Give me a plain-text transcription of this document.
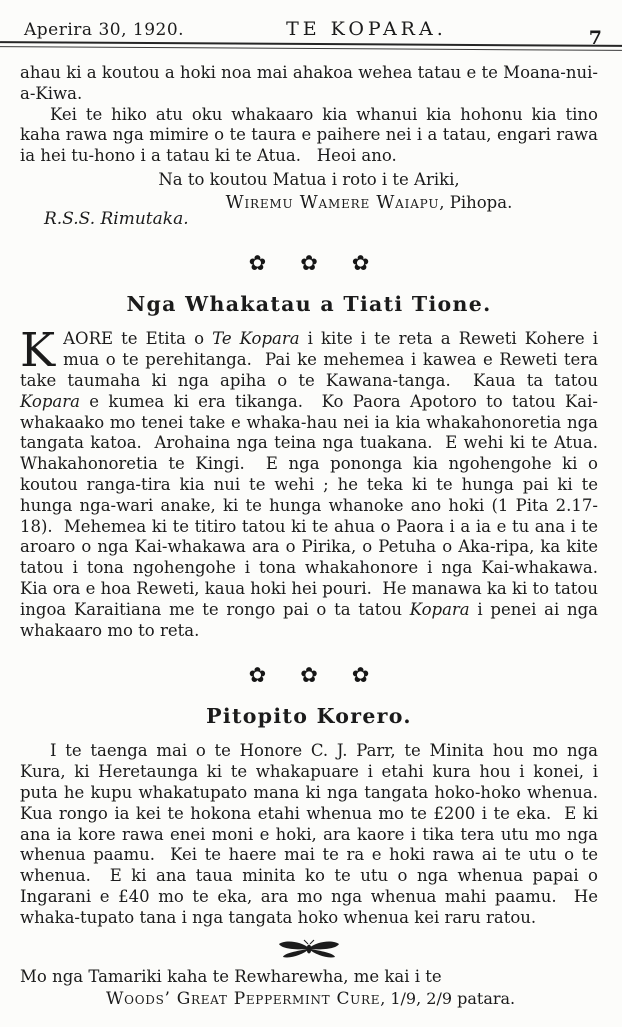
Aperira 30, 1920.	TE KOPARA.	7

ahau ki a koutou a hoki noa mai ahakoa wehea tatau e te Moana-nui-a-Kiwa.

Kei te hiko atu oku whakaaro kia whanui kia hohonu kia tino kaha rawa nga mimire o te taura e paihere nei i a tatau, engari rawa ia hei tu-hono i a tatau ki te Atua.   Heoi ano.

Na to koutou Matua i roto i te Ariki,

Wiremu Wamere Waiapu, Pihopa.

R.S.S. Rimutaka.

✿ ✿ ✿
Nga Whakatau a Tiati Tione.

KAORE te Etita o Te Kopara i kite i te reta a Reweti Kohere i mua o te perehitanga.  Pai ke mehemea i kawea e Reweti tera take taumaha ki nga apiha o te Kawana-tanga.  Kaua ta tatou Kopara e kumea ki era tikanga.  Ko Paora Apotoro to tatou Kai-whakaako mo tenei take e whaka-hau nei ia kia whakahonoretia nga tangata katoa.  Arohaina nga teina nga tuakana.  E wehi ki te Atua.  Whakahonoretia te Kingi.  E nga pononga kia ngohengohe ki o koutou ranga-tira kia nui te wehi ; he teka ki te hunga pai ki te hunga nga-wari anake, ki te hunga whanoke ano hoki (1 Pita 2.17-18).  Mehemea ki te titiro tatou ki te ahua o Paora i a ia e tu ana i te aroaro o nga Kai-whakawa ara o Pirika, o Petuha o Aka-ripa, ka kite tatou i tona ngohengohe i tona whakahonore i nga Kai-whakawa.  Kia ora e hoa Reweti, kaua hoki hei pouri.  He manawa ka ki to tatou ingoa Karaitiana me te rongo pai o ta tatou Kopara i penei ai nga whakaaro mo to reta.

✿ ✿ ✿
Pitopito Korero.

I te taenga mai o te Honore C. J. Parr, te Minita hou mo nga Kura, ki Heretaunga ki te whakapuare i etahi kura hou i konei, i puta he kupu whakatupato mana ki nga tangata hoko-hoko whenua.  Kua rongo ia kei te hokona etahi whenua mo te £200 i te eka.  E ki ana ia kore rawa enei moni e hoki, ara kaore i tika tera utu mo nga whenua paamu.  Kei te haere mai te ra e hoki rawa ai te utu o te whenua.  E ki ana taua minita ko te utu o nga whenua papai o Ingarani e £40 mo te eka, ara mo nga whenua mahi paamu.  He whaka-tupato tana i nga tangata hoko whenua kei raru ratou.

Mo nga Tamariki kaha te Rewharewha, me kai i te

Woods’ Great Peppermint Cure, 1/9, 2/9 patara.
